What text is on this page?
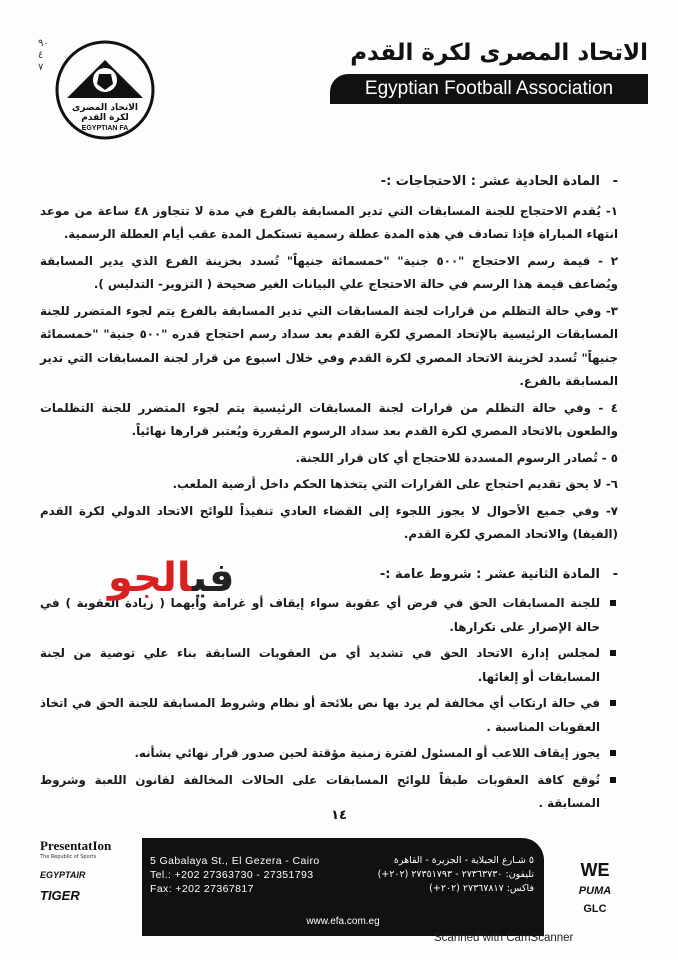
٩٠
٤
٧
الاتحاد المصرى
لكرة القدم
EGYPTIAN FA
الاتحاد المصرى لكرة القدم
Egyptian Football Association
-
المادة الحادية عشر : الاحتجاجات :-
١- يُقدم الاحتجاج للجنة المسابقات التي تدير المسابقة بالفرع في مدة لا تتجاوز ٤٨ ساعة من موعد انتهاء المباراة فإذا تصادف في هذه المدة عطلة رسمية تستكمل المدة عقب أيام العطلة الرسمية.
٢ - قيمة رسم الاحتجاج "٥٠٠ جنية" "خمسمائة جنيهاً" تُسدد بخزينة الفرع الذي يدير المسابقة ويُضاعف قيمة هذا الرسم في حالة الاحتجاج علي البيانات الغير صحيحة ( التزوير- التدليس ).
٣- وفي حالة التظلم من قرارات لجنة المسابقات التي تدير المسابقة بالفرع يتم لجوء المتضرر للجنة المسابقات الرئيسية بالإتحاد المصري لكرة القدم بعد سداد رسم احتجاج قدره "٥٠٠ جنية" "خمسمائة جنيهاً" تُسدد لخزينة الاتحاد المصري لكرة القدم وفي خلال اسبوع من قرار لجنة المسابقات التي تدير المسابقة بالفرع.
٤ - وفي حالة التظلم من قرارات لجنة المسابقات الرئيسية يتم لجوء المتضرر للجنة التظلمات والطعون بالاتحاد المصري لكرة القدم بعد سداد الرسوم المقررة ويُعتبر قرارها نهائياً.
٥ - تُصادر الرسوم المسددة للاحتجاج أي كان قرار اللجنة.
٦- لا يحق تقديم احتجاج على القرارات التي يتخذها الحكم داخل أرضية الملعب.
٧- وفي جميع الأحوال لا يجوز اللجوء إلى القضاء العادي تنفيذاً للوائح الاتحاد الدولي لكرة القدم (الفيفا) والاتحاد المصري لكرة القدم.
-
المادة الثانية عشر : شروط عامة :-
للجنة المسابقات الحق في فرض أي عقوبة سواء إيقاف أو غرامة وايهما ( زيادة العقوبة ) في حالة الإصرار على تكرارها.
لمجلس إدارة الاتحاد الحق في تشديد أي من العقوبات السابقة بناء علي توصية من لجنة المسابقات أو إلغائها.
في حالة ارتكاب أي مخالفة لم يرد بها نص بلائحة أو نظام وشروط المسابقة للجنة الحق في اتخاذ العقوبات المناسبة .
يجوز إيقاف اللاعب أو المسئول لفترة زمنية مؤقتة لحين صدور قرار نهائي بشأنه.
تُوقع كافة العقوبات طبقاً للوائح المسابقات على الحالات المخالفة لقانون اللعبة وشروط المسابقة .
فيالجو
١٤
PresentatIon
The Republic of Sports
EGYPTAIR
TIGER
5 Gabalaya St., El Gezera - Cairo
Tel.: +202 27363730 - 27351793
Fax: +202 27367817
٥ شـارع الجبلاية - الجزيرة - القاهرة
تليفون: ٢٧٣٦٣٧٣٠ - ٢٧٣٥١٧٩٣ (٢٠٢+)
فاكس: ٢٧٣٦٧٨١٧ (٢٠٢+)
www.efa.com.eg
WE
PUMA
GLC
Scanned with CamScanner
